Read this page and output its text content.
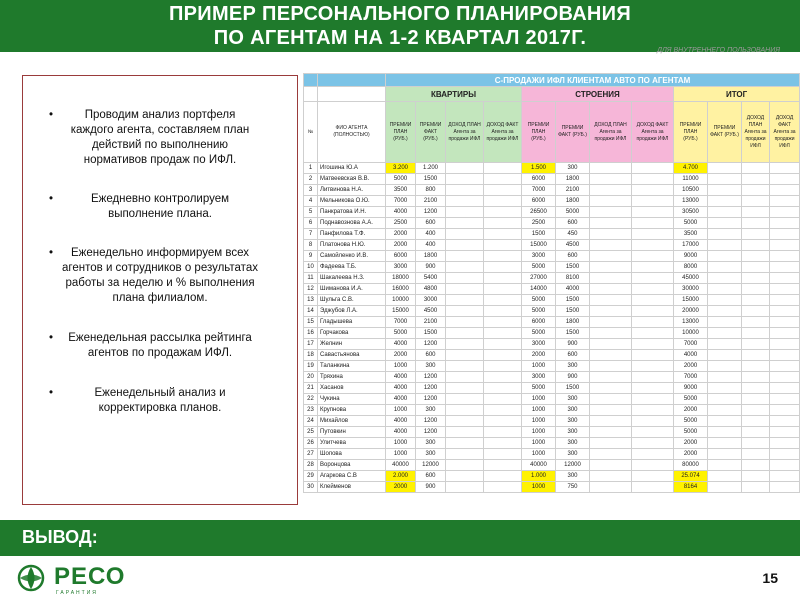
ПРИМЕР ПЕРСОНАЛЬНОГО ПЛАНИРОВАНИЯ
ПО АГЕНТАМ НА 1-2 КВАРТАЛ 2017Г.
ДЛЯ ВНУТРЕННЕГО ПОЛЬЗОВАНИЯ
•	Проводим анализ портфеля
каждого агента, составляем план
действий по выполнению
нормативов продаж по ИФЛ.
•	Ежедневно контролируем
выполнение плана.
•	Еженедельно информируем всех
агентов и сотрудников о результатах
работы за неделю и % выполнения
плана филиалом.
•	Еженедельная рассылка рейтинга
агентов по продажам ИФЛ.
•	Еженедельный анализ и
корректировка планов.
		С-ПРОДАЖИ ИФЛ КЛИЕНТАМ АВТО ПО АГЕНТАМ											
		КВАРТИРЫ				СТРОЕНИЯ				ИТОГ			
№	ФИО АГЕНТА (ПОЛНОСТЬЮ)	ПРЕМИИ ПЛАН (РУБ.)	ПРЕМИИ ФАКТ (РУБ.)	ДОХОД ПЛАН Агента за продажи ИФЛ	ДОХОД ФАКТ Агента за продажи ИФЛ	ПРЕМИИ ПЛАН (РУБ.)	ПРЕМИИ ФАКТ (РУБ.)	ДОХОД ПЛАН Агента за продажи ИФЛ	ДОХОД ФАКТ Агента за продажи ИФЛ	ПРЕМИИ ПЛАН (РУБ.)	ПРЕМИИ ФАКТ (РУБ.)	ДОХОД ПЛАН Агента за продажи ИФЛ	ДОХОД ФАКТ Агента за продажи ИФЛ
1	Игошина Ю.А	3.200	1.200			1.500	300			4.700			
2	Матвеевская В.В.	5000	1500			6000	1800			11000			
3	Литвинова Н.А.	3500	800			7000	2100			10500			
4	Мельникова О.Ю.	7000	2100			6000	1800			13000			
5	Панкратова И.Н.	4000	1200			26500	5000			30500			
6	Поднавознова А.А.	2500	600			2500	600			5000			
7	Панфилова Т.Ф.	2000	400			1500	450			3500			
8	Платонова Н.Ю.	2000	400			15000	4500			17000			
9	Самойленко И.В.	6000	1800			3000	600			9000			
10	Фадеева Т.Б.	3000	900			5000	1500			8000			
11	Шакалеева Н.З.	18000	5400			27000	8100			45000			
12	Шиманова И.А.	16000	4800			14000	4000			30000			
13	Шульга С.В.	10000	3000			5000	1500			15000			
14	Эджубов Л.А.	15000	4500			5000	1500			20000			
15	Гладышева	7000	2100			6000	1800			13000			
16	Горчакова	5000	1500			5000	1500			10000			
17	Желнин	4000	1200			3000	900			7000			
18	Савастьянова	2000	600			2000	600			4000			
19	Таланкина	1000	300			1000	300			2000			
20	Тряхина	4000	1200			3000	900			7000			
21	Хасанов	4000	1200			5000	1500			9000			
22	Чукина	4000	1200			1000	300			5000			
23	Крупнова	1000	300			1000	300			2000			
24	Михайлов	4000	1200			1000	300			5000			
25	Путовкин	4000	1200			1000	300			5000			
26	Улитчева	1000	300			1000	300			2000			
27	Шопова	1000	300			1000	300			2000			
28	Воронцова	40000	12000			40000	12000			80000			
29	Агаркова С.В	2.000	600			1.000	300			25.074			
30	Клейменов	2000	900			1000	750			8164			
ВЫВОД:
РЕСО
ГАРАНТИЯ
15
